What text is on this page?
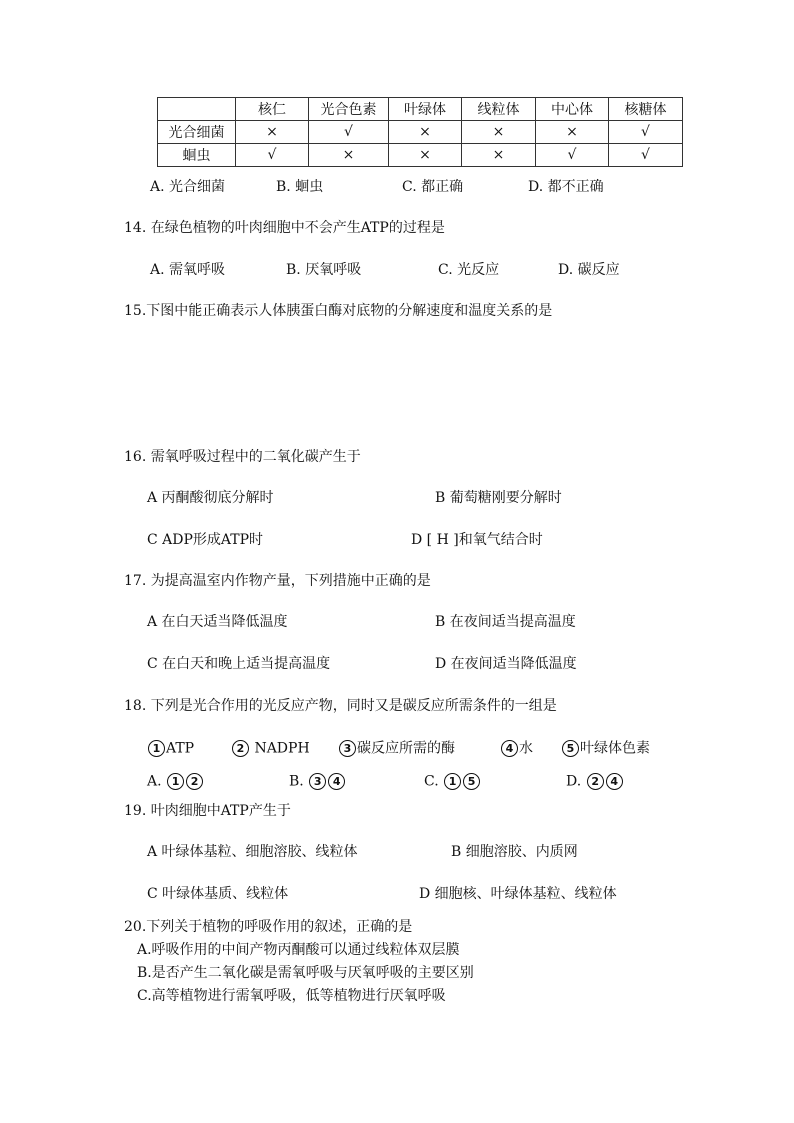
	核仁	光合色素	叶绿体	线粒体	中心体	核糖体
光合细菌	×	√	×	×	×	√
蛔虫	√	×	×	×	√	√
A. 光合细菌	B. 蛔虫	C. 都正确	D. 都不正确
14. 在绿色植物的叶肉细胞中不会产生ATP的过程是
A. 需氧呼吸	B. 厌氧呼吸	C. 光反应	D. 碳反应
15.下图中能正确表示人体胰蛋白酶对底物的分解速度和温度关系的是
16. 需氧呼吸过程中的二氧化碳产生于
A 丙酮酸彻底分解时	B 葡萄糖刚要分解时
C ADP形成ATP时	D [ H ]和氧气结合时
17. 为提高温室内作物产量，下列措施中正确的是
A 在白天适当降低温度	B 在夜间适当提高温度
C 在白天和晚上适当提高温度	D 在夜间适当降低温度
18. 下列是光合作用的光反应产物，同时又是碳反应所需条件的一组是
1 ATP	2 NADPH	3 碳反应所需的酶	4 水	5 叶绿体色素
A. 1 2	B. 3 4	C. 1 5	D. 2 4
19. 叶肉细胞中ATP产生于
A 叶绿体基粒、细胞溶胶、线粒体	B 细胞溶胶、内质网
C 叶绿体基质、线粒体	D 细胞核、叶绿体基粒、线粒体
20.下列关于植物的呼吸作用的叙述，正确的是
A.呼吸作用的中间产物丙酮酸可以通过线粒体双层膜
B.是否产生二氧化碳是需氧呼吸与厌氧呼吸的主要区别
C.高等植物进行需氧呼吸，低等植物进行厌氧呼吸
